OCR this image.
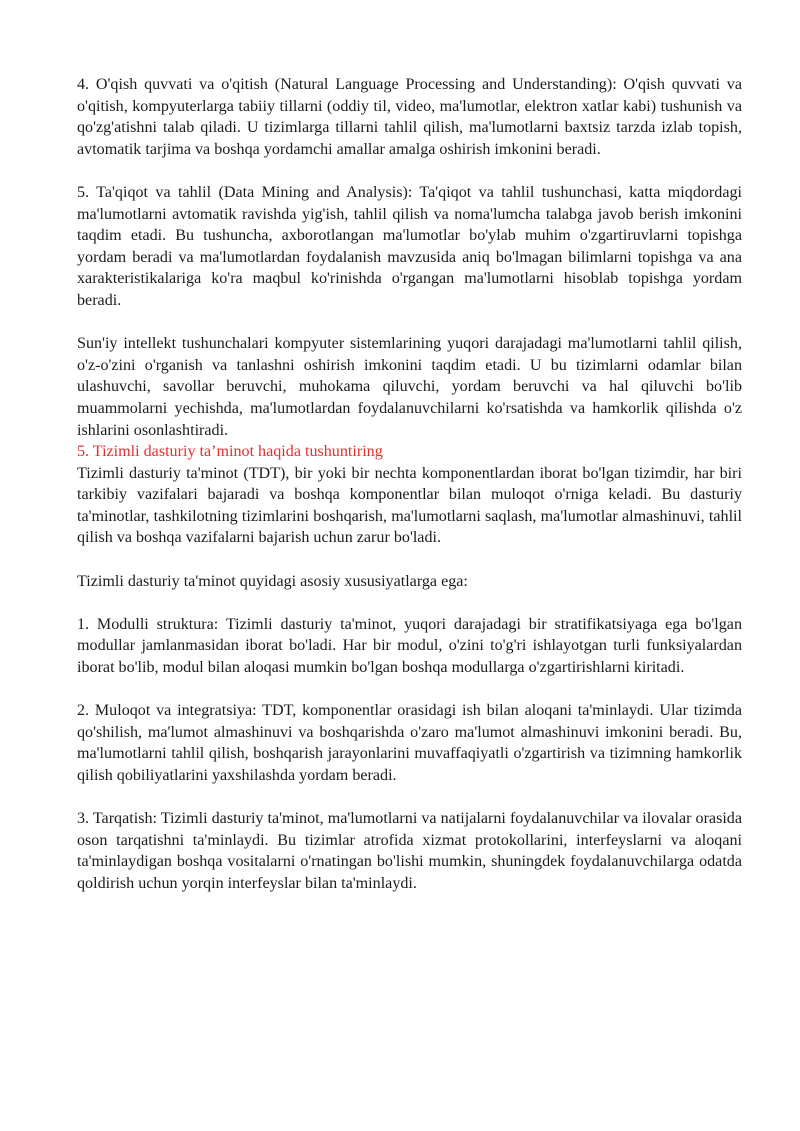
4. O'qish quvvati va o'qitish (Natural Language Processing and Understanding): O'qish quvvati va o'qitish, kompyuterlarga tabiiy tillarni (oddiy til, video, ma'lumotlar, elektron xatlar kabi) tushunish va qo'zg'atishni talab qiladi. U tizimlarga tillarni tahlil qilish, ma'lumotlarni baxtsiz tarzda izlab topish, avtomatik tarjima va boshqa yordamchi amallar amalga oshirish imkonini beradi.

5. Ta'qiqot va tahlil (Data Mining and Analysis): Ta'qiqot va tahlil tushunchasi, katta miqdordagi ma'lumotlarni avtomatik ravishda yig'ish, tahlil qilish va noma'lumcha talabga javob berish imkonini taqdim etadi. Bu tushuncha, axborotlangan ma'lumotlar bo'ylab muhim o'zgartiruvlarni topishga yordam beradi va ma'lumotlardan foydalanish mavzusida aniq bo'lmagan bilimlarni topishga va ana xarakteristikalariga ko'ra maqbul ko'rinishda o'rgangan ma'lumotlarni hisoblab topishga yordam beradi.

Sun'iy intellekt tushunchalari kompyuter sistemlarining yuqori darajadagi ma'lumotlarni tahlil qilish, o'z-o'zini o'rganish va tanlashni oshirish imkonini taqdim etadi. U bu tizimlarni odamlar bilan ulashuvchi, savollar beruvchi, muhokama qiluvchi, yordam beruvchi va hal qiluvchi bo'lib muammolarni yechishda, ma'lumotlardan foydalanuvchilarni ko'rsatishda va hamkorlik qilishda o'z ishlarini osonlashtiradi.

5. Tizimli dasturiy ta’minot haqida tushuntiring

Tizimli dasturiy ta'minot (TDT), bir yoki bir nechta komponentlardan iborat bo'lgan tizimdir, har biri tarkibiy vazifalari bajaradi va boshqa komponentlar bilan muloqot o'rniga keladi. Bu dasturiy ta'minotlar, tashkilotning tizimlarini boshqarish, ma'lumotlarni saqlash, ma'lumotlar almashinuvi, tahlil qilish va boshqa vazifalarni bajarish uchun zarur bo'ladi.

Tizimli dasturiy ta'minot quyidagi asosiy xususiyatlarga ega:

1. Modulli struktura: Tizimli dasturiy ta'minot, yuqori darajadagi bir stratifikatsiyaga ega bo'lgan modullar jamlanmasidan iborat bo'ladi. Har bir modul, o'zini to'g'ri ishlayotgan turli funksiyalardan iborat bo'lib, modul bilan aloqasi mumkin bo'lgan boshqa modullarga o'zgartirishlarni kiritadi.

2. Muloqot va integratsiya: TDT, komponentlar orasidagi ish bilan aloqani ta'minlaydi. Ular tizimda qo'shilish, ma'lumot almashinuvi va boshqarishda o'zaro ma'lumot almashinuvi imkonini beradi. Bu, ma'lumotlarni tahlil qilish, boshqarish jarayonlarini muvaffaqiyatli o'zgartirish va tizimning hamkorlik qilish qobiliyatlarini yaxshilashda yordam beradi.

3. Tarqatish: Tizimli dasturiy ta'minot, ma'lumotlarni va natijalarni foydalanuvchilar va ilovalar orasida oson tarqatishni ta'minlaydi. Bu tizimlar atrofida xizmat protokollarini, interfeyslarni va aloqani ta'minlaydigan boshqa vositalarni o'rnatingan bo'lishi mumkin, shuningdek foydalanuvchilarga odatda qoldirish uchun yorqin interfeyslar bilan ta'minlaydi.
